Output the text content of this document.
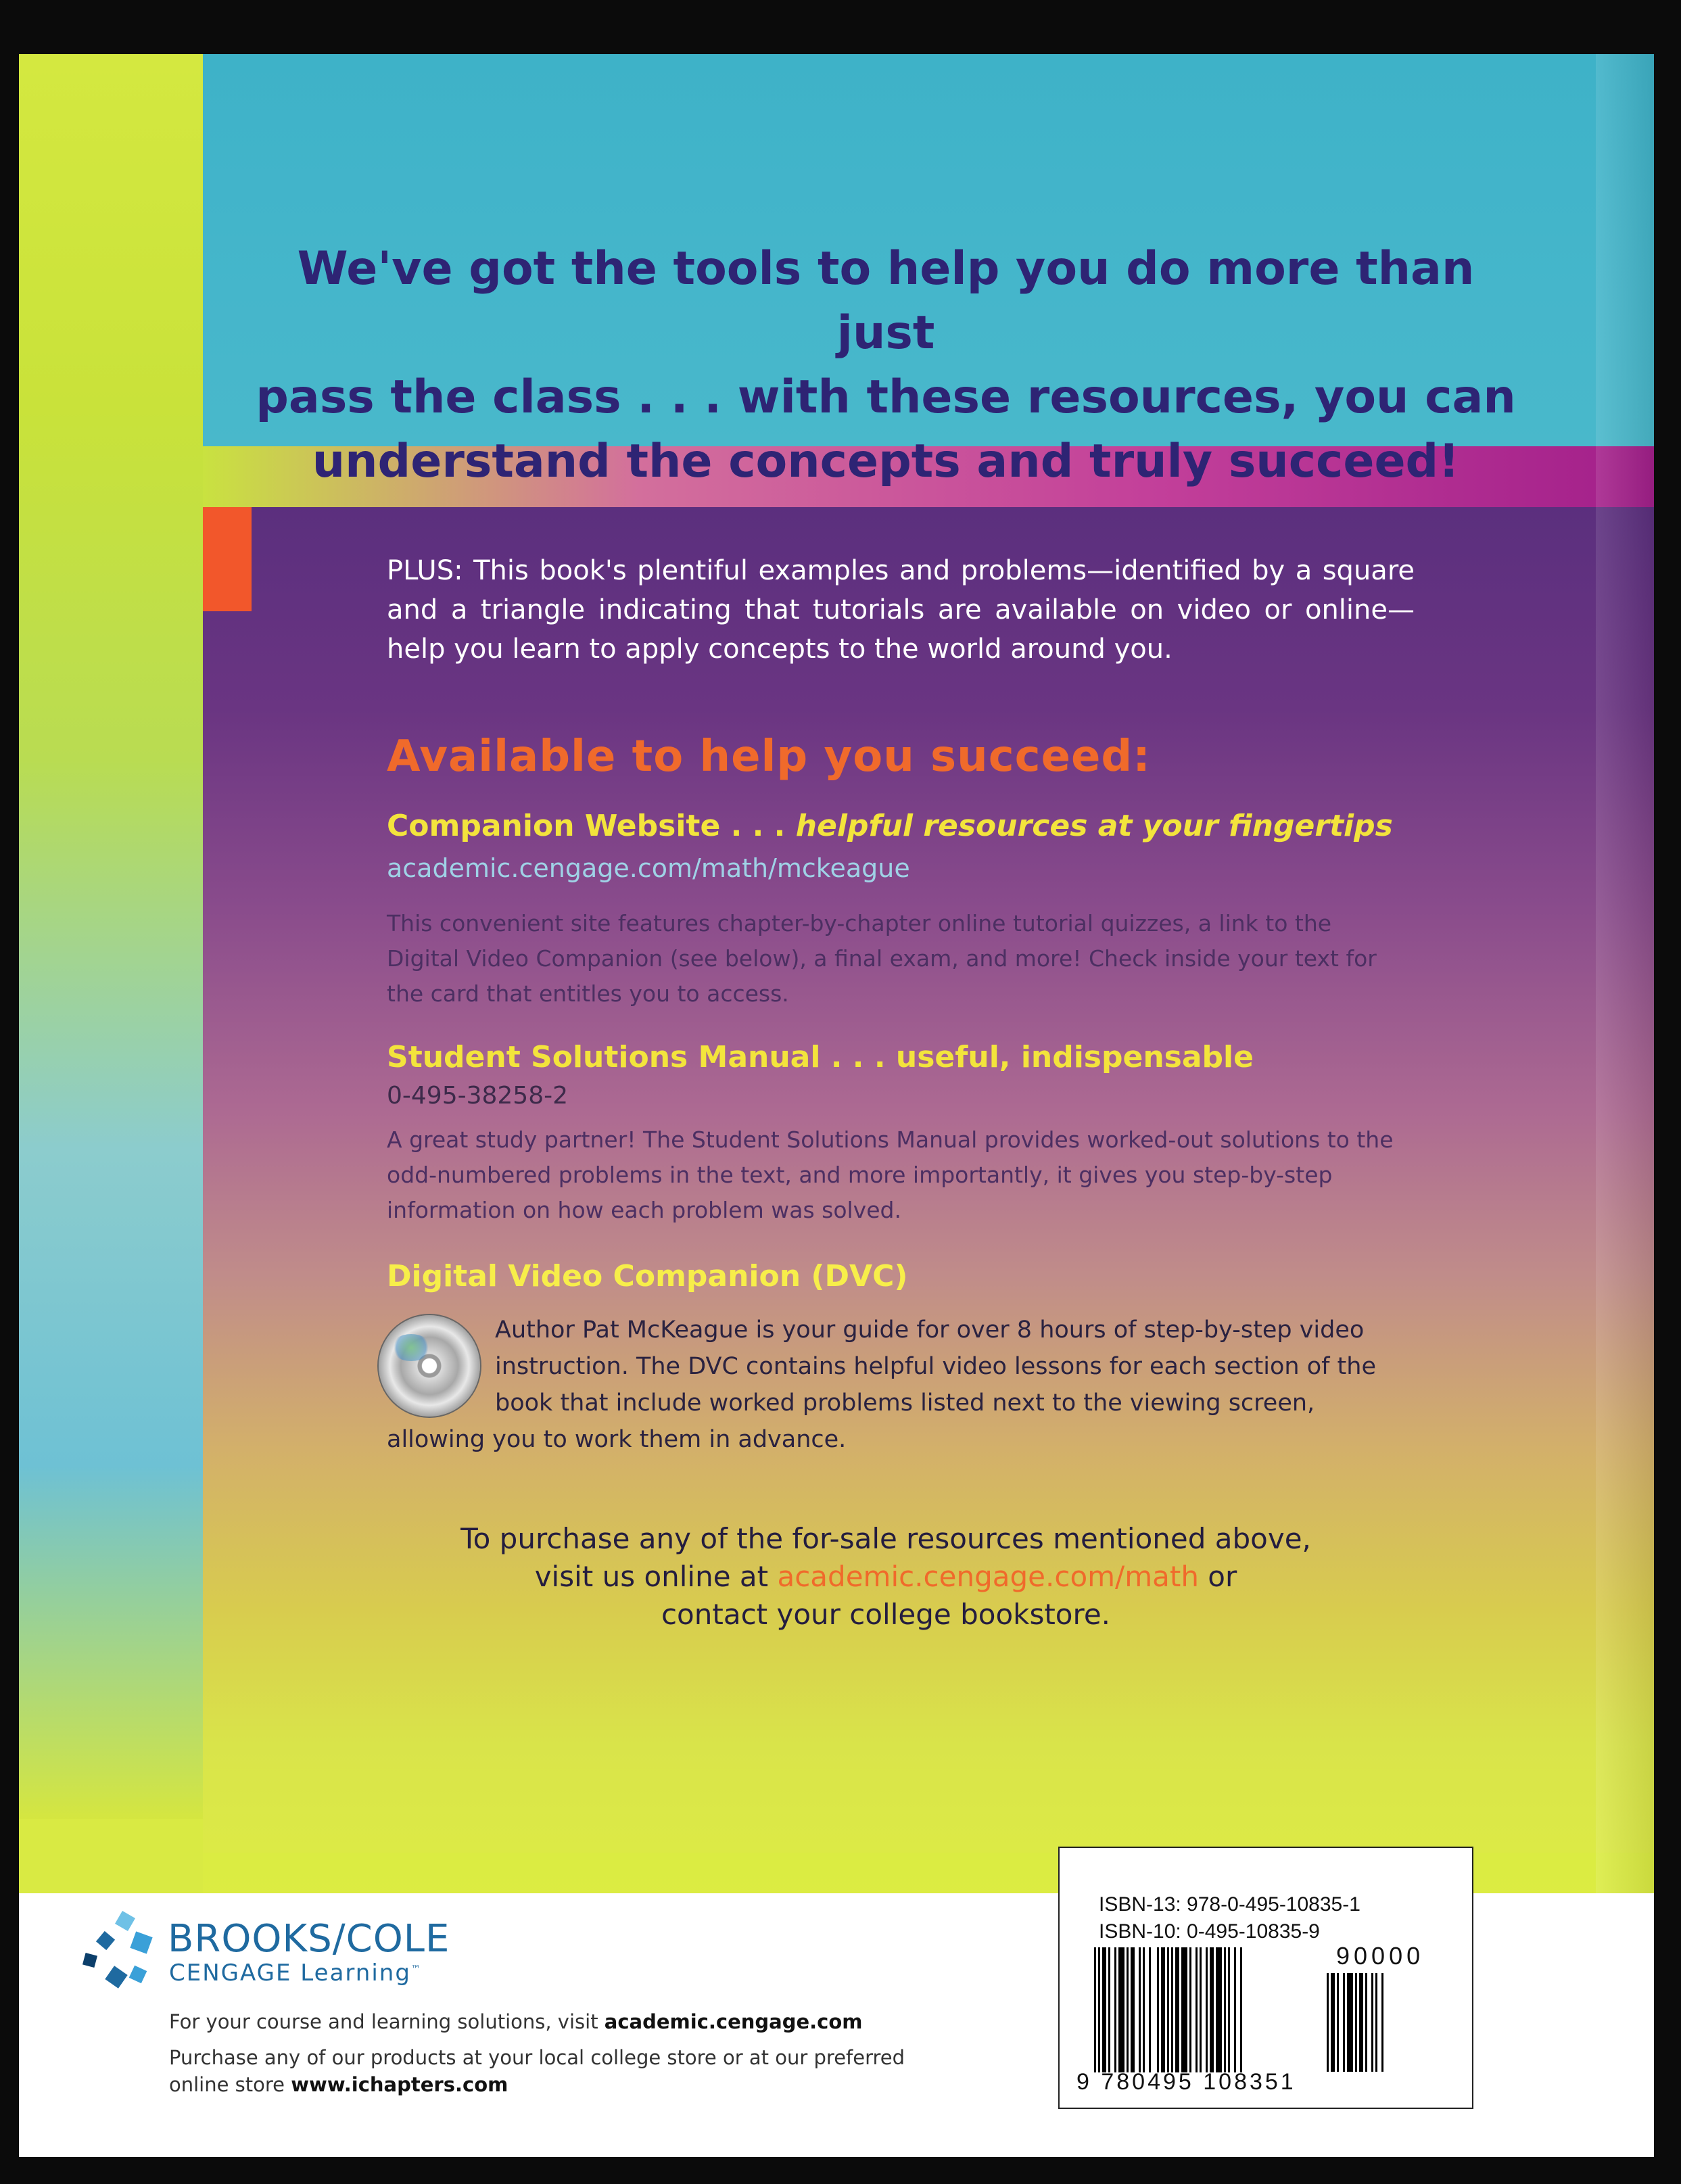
We've got the tools to help you do more than just
pass the class . . . with these resources, you can
understand the concepts and truly succeed!
PLUS: This book's plentiful examples and problems—identified by a square and a triangle indicating that tutorials are available on video or online—help you learn to apply concepts to the world around you.
Available to help you succeed:
Companion Website . . . helpful resources at your fingertips
academic.cengage.com/math/mckeague
This convenient site features chapter-by-chapter online tutorial quizzes, a link to the Digital Video Companion (see below), a final exam, and more! Check inside your text for the card that entitles you to access.
Student Solutions Manual . . . useful, indispensable
0-495-38258-2
A great study partner! The Student Solutions Manual provides worked-out solutions to the odd-numbered problems in the text, and more importantly, it gives you step-by-step information on how each problem was solved.
Digital Video Companion (DVC)
Author Pat McKeague is your guide for over 8 hours of step-by-step video instruction. The DVC contains helpful video lessons for each section of the book that include worked problems listed next to the viewing screen, allowing you to work them in advance.
To purchase any of the for-sale resources mentioned above,
visit us online at academic.cengage.com/math or
contact your college bookstore.
BROOKS/COLE
CENGAGE Learning™
For your course and learning solutions, visit academic.cengage.com
Purchase any of our products at your local college store or at our preferred
online store www.ichapters.com
ISBN-13: 978-0-495-10835-1
ISBN-10: 0-495-10835-9
90000
9 780495 108351
